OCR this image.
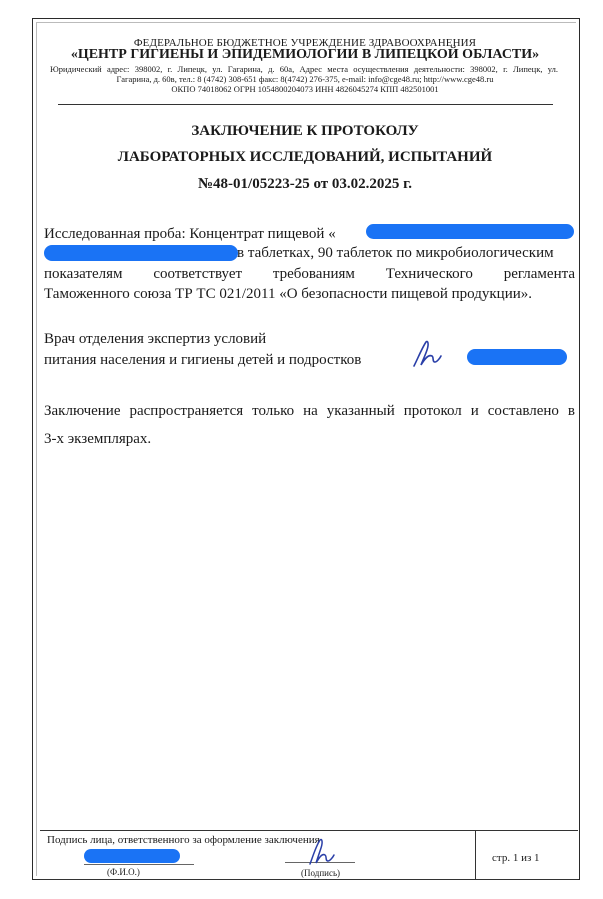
ФЕДЕРАЛЬНОЕ БЮДЖЕТНОЕ УЧРЕЖДЕНИЕ ЗДРАВООХРАНЕНИЯ
«ЦЕНТР ГИГИЕНЫ И ЭПИДЕМИОЛОГИИ В ЛИПЕЦКОЙ ОБЛАСТИ»
Юридический адрес: 398002, г. Липецк, ул. Гагарина, д. 60а, Адрес места осуществления деятельности: 398002, г. Липецк, ул.
Гагарина, д. 60в, тел.: 8 (4742) 308-651 факс: 8(4742) 276-375, e-mail: info@cge48.ru; http://www.cge48.ru
ОКПО 74018062 ОГРН 1054800204073 ИНН 4826045274 КПП 482501001
ЗАКЛЮЧЕНИЕ К ПРОТОКОЛУ
ЛАБОРАТОРНЫХ ИССЛЕДОВАНИЙ, ИСПЫТАНИЙ
№48-01/05223-25 от 03.02.2025 г.
Исследованная проба: Концентрат пищевой «
в таблетках, 90 таблеток по микробиологическим
показателям соответствует требованиям Технического регламента
Таможенного союза ТР ТС 021/2011 «О безопасности пищевой продукции».
Врач отделения экспертиз условий
питания населения и гигиены детей и подростков
Заключение распространяется только на указанный протокол и составлено в
3-х экземплярах.
Подпись лица, ответственного за оформление заключения
(Ф.И.О.)	(Подпись)
стр. 1 из 1
